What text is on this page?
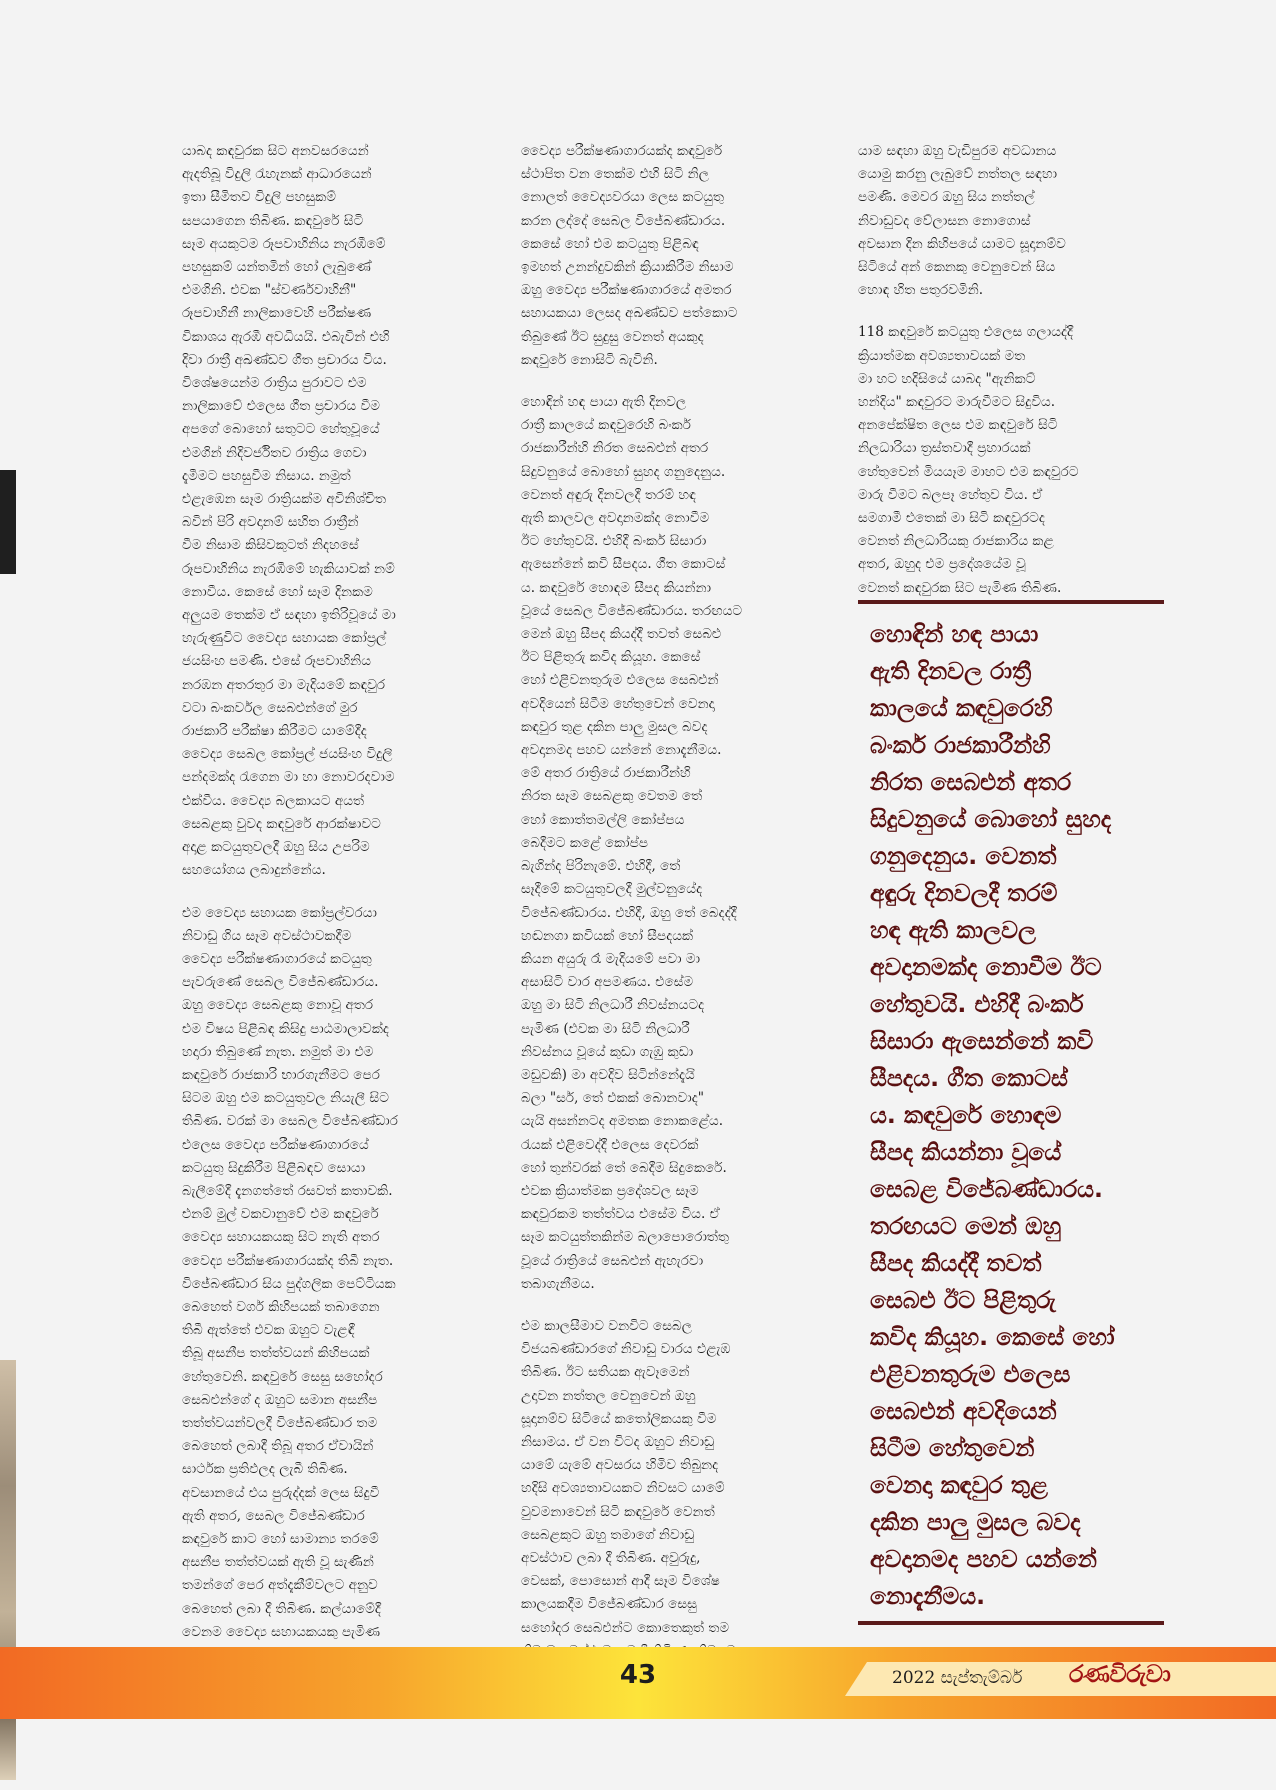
යාබද කඳවුරක සිට අනවසරයෙන්
ඇදතිබූ විදුලි රැහැනක් ආධාරයෙන්
ඉතා සීමිතව විදුලි පහසුකම්
සපයාගෙන තිබිණ. කඳවුරේ සිටි
සෑම අයකුටම රූපවාහිනිය නැරඹීමේ
පහසුකම් යන්තමින් හෝ ලැබුණේ
එමගිනි. එවක "ස්වර්ණවාහිනී"
රූපවාහිනී නාලිකාවෙහි පරීක්ෂණ
විකාශය ඇරඹී අවධියයි. එබැවින් එහි
දිවා රාත්‍රී අඛණ්ඩව ගීත ප්‍රචාරය විය.
විශේෂයෙන්ම රාත්‍රිය පුරාවට එම
නාලිකාවේ එලෙස ගීත ප්‍රචාරය වීම
අපගේ බොහෝ සතුටට හේතුවූයේ
එමගින් නිදිවර්ජිතව රාත්‍රිය ගෙවා
දැමීමට පහසුවීම නිසාය. නමුත්
එළැඹෙන සෑම රාත්‍රියක්ම අවිනිශ්චිත
බවින් පිරි අවදානම් සහිත රාත්‍රීන්
වීම නිසාම කිසිවකුටත් නිදහසේ
රූපවාහිනිය නැරඹීමේ හැකියාවක් නම්
නොවීය. කෙසේ හෝ සෑම දිනකම
අලුයම තෙක්ම ඒ සඳහා ඉතිරිවූයේ මා
හැරුණුවිට වෛද්‍ය සහායක කෝප්‍රල්
ජයසිංහ පමණි. එසේ රූපවාහිනිය
නරඹන අතරතුර මා මැදියමේ කඳවුර
වටා බංකර්වල සෙබළුන්ගේ මුර
රාජකාරි පරීක්ෂා කිරීමට යාමේදීද
වෛද්‍ය සෙබල කෝප්‍රල් ජයසිංහ විදුලි
පන්දමක්ද රැගෙන මා හා නොවරදවාම
එක්වීය. වෛද්‍ය බලකායට අයත්
සෙබළකු වුවද කඳවුරේ ආරක්ෂාවට
අදාළ කටයුතුවලදී ඔහු සිය උපරිම
සහයෝගය ලබාදුන්නේය.

එම වෛද්‍ය සහායක කෝප්‍රල්වරයා
නිවාඩු ගිය සෑම අවස්ථාවකදීම
වෛද්‍ය පරීක්ෂණාගාරයේ කටයුතු
පැවරුණේ සෙබල විජේබණ්ඩාරය.
ඔහු වෛද්‍ය සෙබළකු නොවූ අතර
එම විෂය පිළිබඳ කිසිදු පාඨමාලාවක්ද
හදාරා තිබුණේ නැත. නමුත් මා එම
කඳවුරේ රාජකාරි භාරගැනීමට පෙර
සිටම ඔහු එම කටයුතුවල නියැලී සිට
තිබිණ. වරක් මා සෙබල විජේබණ්ඩාර
එලෙස වෛද්‍ය පරීක්ෂණාගාරයේ
කටයුතු සිදුකිරීම පිළිබඳව සොයා
බැලීමේදී දැනගත්තේ රසවත් කතාවකි.
එනම් මුල් වකවානුවේ එම කඳවුරේ
වෛද්‍ය සහායකයකු සිට නැති අතර
වෛද්‍ය පරීක්ෂණාගාරයක්ද තිබී නැත.
විජේබණ්ඩාර සිය පුද්ගලික පෙට්ටියක
බෙහෙත් වර්ග කිහිපයක් තබාගෙන
තිබී ඇත්තේ එවක ඔහුට වැළඳී
තිබූ අසනීප තත්ත්වයන් කිහිපයක්
හේතුවෙනි. කඳවුරේ සෙසු සහෝදර
සෙබළුන්ගේ ද ඔහුට සමාන අසනීප
තත්ත්වයන්වලදී විජේබණ්ඩාර තම
බෙහෙත් ලබාදී තිබූ අතර ඒවායින්
සාර්ථක ප්‍රතිඵලද ලැබී තිබිණ.
අවසානයේ එය පුරුද්දක් ලෙස සිදුවී
ඇති අතර, සෙබල විජේබණ්ඩාර
කඳවුරේ කාට හෝ සාමාන්‍ය තරමේ
අසනීප තත්ත්වයක් ඇති වූ සැණින්
තමන්ගේ පෙර අත්දැකීම්වලට අනුව
බෙහෙත් ලබා දී තිබිණ. කල්යාමේදී
වෙනම වෛද්‍ය සහායකයකු පැමිණ

වෛද්‍ය පරීක්ෂණාගාරයක්ද කඳවුරේ
ස්ථාපිත වන තෙක්ම එහි සිටි නිල
නොලත් වෛද්‍යවරයා ලෙස කටයුතු
කරන ලද්දේ සෙබල විජේබණ්ඩාරය.
කෙසේ හෝ එම කටයුතු පිළිබඳ
ඉමහත් උනන්දුවකින් ක්‍රියාකිරීම නිසාම
ඔහු වෛද්‍ය පරීක්ෂණාගාරයේ අමතර
සහායකයා ලෙසද අඛණ්ඩව පත්කොට
තිබුණේ ඊට සුදුසු වෙනත් අයකුද
කඳවුරේ නොසිටි බැවිනි.

හොඳින් හඳ පායා ඇති දිනවල
රාත්‍රී කාලයේ කඳවුරෙහි බංකර්
රාජකාරීන්හි නිරත සෙබළුන් අතර
සිදුවනුයේ බොහෝ සුහද ගනුදෙනුය.
වෙනත් අඳුරු දිනවලදී තරම් හඳ
ඇති කාලවල අවදානමක්ද නොවීම
ඊට හේතුවයි. එහිදී බංකර් සිසාරා
ඇසෙන්නේ කවි සීපදය. ගීත කොටස්
ය. කඳවුරේ හොඳම සීපද කියන්නා
වූයේ සෙබල විජේබණ්ඩාරය. තරඟයට
මෙන් ඔහු සීපද කියද්දී තවත් සෙබළු
ඊට පිළිතුරු කවිද කියූහ. කෙසේ
හෝ එළිවනතුරුම එලෙස සෙබළුන්
අවදියෙන් සිටීම හේතුවෙන් වෙනදා
කඳවුර තුළ දකින පාලු මුසල බවද
අවදානමද පහව යන්නේ නොදැනීමය.
මේ අතර රාත්‍රියේ රාජකාරීන්හි
නිරත සෑම සෙබළකු වෙතම තේ
හෝ කොත්තමල්ලි කෝප්පය
බෙදීමට කළේ කෝප්ප
බැගින්ද පිරිනැමේ. එහිදී, තේ
සෑදීමේ කටයුතුවලදී මුල්වනුයේද
විජේබණ්ඩාරය. එහිදී, ඔහු තේ බෙදද්දී
හඬනගා කවියක් හෝ සීපදයක්
කියන අයුරු රෑ මැදියමේ පවා මා
අසාසිටි වාර අපමණය. එසේම
ඔහු මා සිටි නිලධාරී නිවස්නයටද
පැමිණ (එවක මා සිටි නිලධාරී
නිවස්නය වූයේ කුඩා ගැඹු කුඩා
මඩුවකි) මා අවදිව සිටින්නේදැයි
බලා "සර්, තේ එකක් බොනවාද"
යැයි අසන්නටද අමතක නොකළේය.
රැයක් එළිවෙද්දී එලෙස දෙවරක්
හෝ තුන්වරක් තේ බෙදීම සිදුකෙරේ.
එවක ක්‍රියාත්මක ප්‍රදේශවල සෑම
කඳවුරකම තත්ත්වය එසේම විය. ඒ
සෑම කටයුත්තකින්ම බලාපොරොත්තු
වූයේ රාත්‍රියේ සෙබළුන් ඇහැරවා
තබාගැනීමය.

එම කාලසීමාව වනවිට සෙබල
විජයබණ්ඩාරගේ නිවාඩු වාරය එළැඹ
තිබිණ. ඊට සතියක ඇවෑමෙන්
උදාවන නත්තල වෙනුවෙන් ඔහු
සූදානම්ව සිටියේ කතෝලිකයකු වීම
නිසාමය. ඒ වන විටද ඔහුට නිවාඩු
යාමේ යැමේ අවසරය හිමිව තිබුනද
හදිසි අවශ්‍යතාවයකට නිවසට යාමේ
වුවමනාවෙන් සිටි කඳවුරේ වෙනත්
සෙබළකුට ඔහු තමාගේ නිවාඩු
අවස්ථාව ලබා දී තිබිණ. අවුරුදු,
වෙසක්, පොසොන් ආදී සෑම විශේෂ
කාලයකදීම විජේබණ්ඩාර සෙසු
සහෝදර සෙබළුන්ට කොතෙකුත් තම

යාම සඳහා ඔහු වැඩිපුරම අවධානය
යොමු කරනු ලැබුවේ නත්තල සඳහා
පමණි. මෙවර ඔහු සිය නත්තල්
නිවාඩුවද වේලාසන නොගොස්
අවසාන දින කිහිපයේ යාමට සූදානම්ව
සිටියේ අන් කෙනකු වෙනුවෙන් සිය
හොඳ හිත පතුරවමිනි.

118 කඳවුරේ කටයුතු එලෙස ගලායද්දී
ක්‍රියාත්මක අවශ්‍යතාවයක් මත
මා හට හදිසියේ යාබද "ඇනිකට්
හන්දිය" කඳවුරට මාරුවීමට සිදුවිය.
අනපේක්ෂිත ලෙස එම කඳවුරේ සිටි
නිලධාරියා ත්‍රස්තවාදී ප්‍රහාරයක්
හේතුවෙන් මියයෑම මාහට එම කඳවුරට
මාරු වීමට බලපෑ හේතුව විය. ඒ
සමගාමී එතෙක් මා සිටි කඳවුරටද
වෙනත් නිලධාරියකු රාජකාරිය කළ
අතර, ඔහුද එම ප්‍රදේශයේම වූ
වෙනත් කඳවුරක සිට පැමිණ තිබිණ.

හොඳින් හඳ පායා
ඇති දිනවල රාත්‍රී
කාලයේ කඳවුරෙහි
බංකර් රාජකාරීන්හි
නිරත සෙබළුන් අතර
සිදුවනුයේ බොහෝ සුහද
ගනුදෙනුය. වෙනත්
අඳුරු දිනවලදී තරම්
හඳ ඇති කාලවල
අවදානමක්ද නොවීම ඊට
හේතුවයි. එහිදී බංකර්
සිසාරා ඇසෙන්නේ කවි
සීපදය. ගීත කොටස්
ය. කඳවුරේ හොඳම
සීපද කියන්නා වූයේ
සෙබළ විජේබණ්ඩාරය.
තරඟයට මෙන් ඔහු
සීපද කියද්දී තවත්
සෙබළු ඊට පිළිතුරු
කවිද කියූහ. කෙසේ හෝ
එළිවනතුරුම එලෙස
සෙබළුන් අවදියෙන්
සිටීම හේතුවෙන්
වෙනදා කඳවුර තුළ
දකින පාලු මුසල බවද
අවදානමද පහව යන්නේ
නොදැනීමය.
43	2022 සැප්තැම්බර් රණවිරුවා
